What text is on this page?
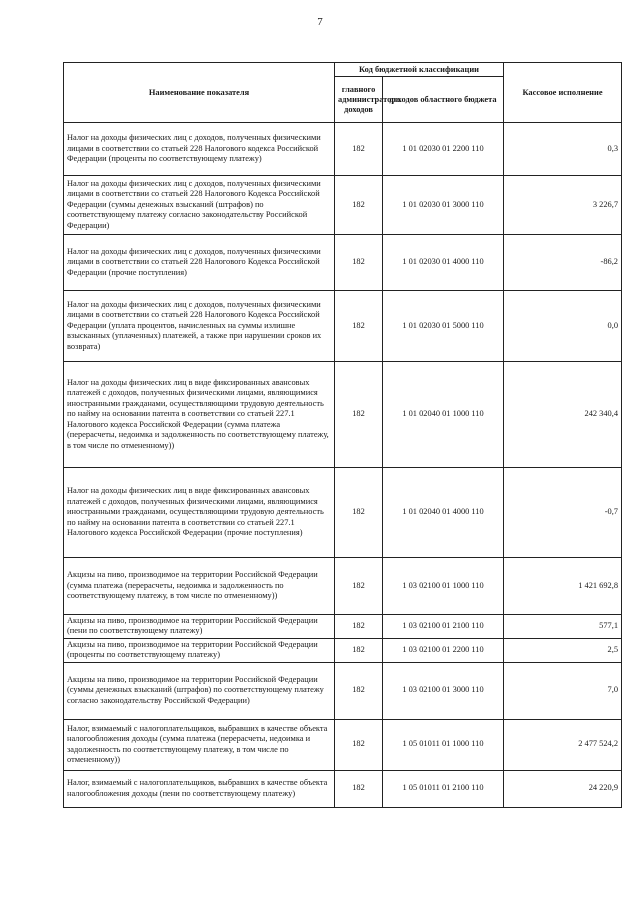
7
Наименование показателя	Код бюджетной классификации		Кассовое исполнение
	главного администратора доходов	доходов областного бюджета	
Налог на доходы физических лиц с доходов, полученных физическими лицами в соответствии со статьей 228 Налогового кодекса Российской Федерации (проценты по соответствующему платежу)	182	1 01 02030 01 2200 110	0,3
Налог на доходы физических лиц с доходов, полученных физическими лицами в соответствии со статьей 228 Налогового Кодекса Российской Федерации (суммы денежных взысканий (штрафов) по соответствующему платежу согласно законодательству Российской Федерации)	182	1 01 02030 01 3000 110	3 226,7
Налог на доходы физических лиц с доходов, полученных физическими лицами в соответствии со статьей 228 Налогового Кодекса Российской Федерации (прочие поступления)	182	1 01 02030 01 4000 110	-86,2
Налог на доходы физических лиц с доходов, полученных физическими лицами в соответствии со статьей 228 Налогового Кодекса Российской Федерации (уплата процентов, начисленных на суммы излишне взысканных (уплаченных) платежей, а также при нарушении сроков их возврата)	182	1 01 02030 01 5000 110	0,0
Налог на доходы физических лиц в виде фиксированных авансовых платежей с доходов, полученных физическими лицами, являющимися иностранными гражданами, осуществляющими трудовую деятельность по найму на основании патента в соответствии со статьей 227.1 Налогового кодекса Российской Федерации (сумма платежа (перерасчеты, недоимка и задолженность по соответствующему платежу, в том числе по отмененному))	182	1 01 02040 01 1000 110	242 340,4
Налог на доходы физических лиц в виде фиксированных авансовых платежей с доходов, полученных физическими лицами, являющимися иностранными гражданами, осуществляющими трудовую деятельность по найму на основании патента в соответствии со статьей 227.1 Налогового кодекса Российской Федерации (прочие поступления)	182	1 01 02040 01 4000 110	-0,7
Акцизы на пиво, производимое на территории Российской Федерации (сумма платежа (перерасчеты, недоимка и задолженность по соответствующему платежу, в том числе по отмененному))	182	1 03 02100 01 1000 110	1 421 692,8
Акцизы на пиво, производимое на территории Российской Федерации (пени по соответствующему платежу)	182	1 03 02100 01 2100 110	577,1
Акцизы на пиво, производимое на территории Российской Федерации (проценты по соответствующему платежу)	182	1 03 02100 01 2200 110	2,5
Акцизы на пиво, производимое на территории Российской Федерации (суммы денежных взысканий (штрафов) по соответствующему платежу согласно законодательству Российской Федерации)	182	1 03 02100 01 3000 110	7,0
Налог, взимаемый с налогоплательщиков, выбравших в качестве объекта налогообложения доходы (сумма платежа (перерасчеты, недоимка и задолженность по соответствующему платежу, в том числе по отмененному))	182	1 05 01011 01 1000 110	2 477 524,2
Налог, взимаемый с налогоплательщиков, выбравших в качестве объекта налогообложения доходы (пени по соответствующему платежу)	182	1 05 01011 01 2100 110	24 220,9
